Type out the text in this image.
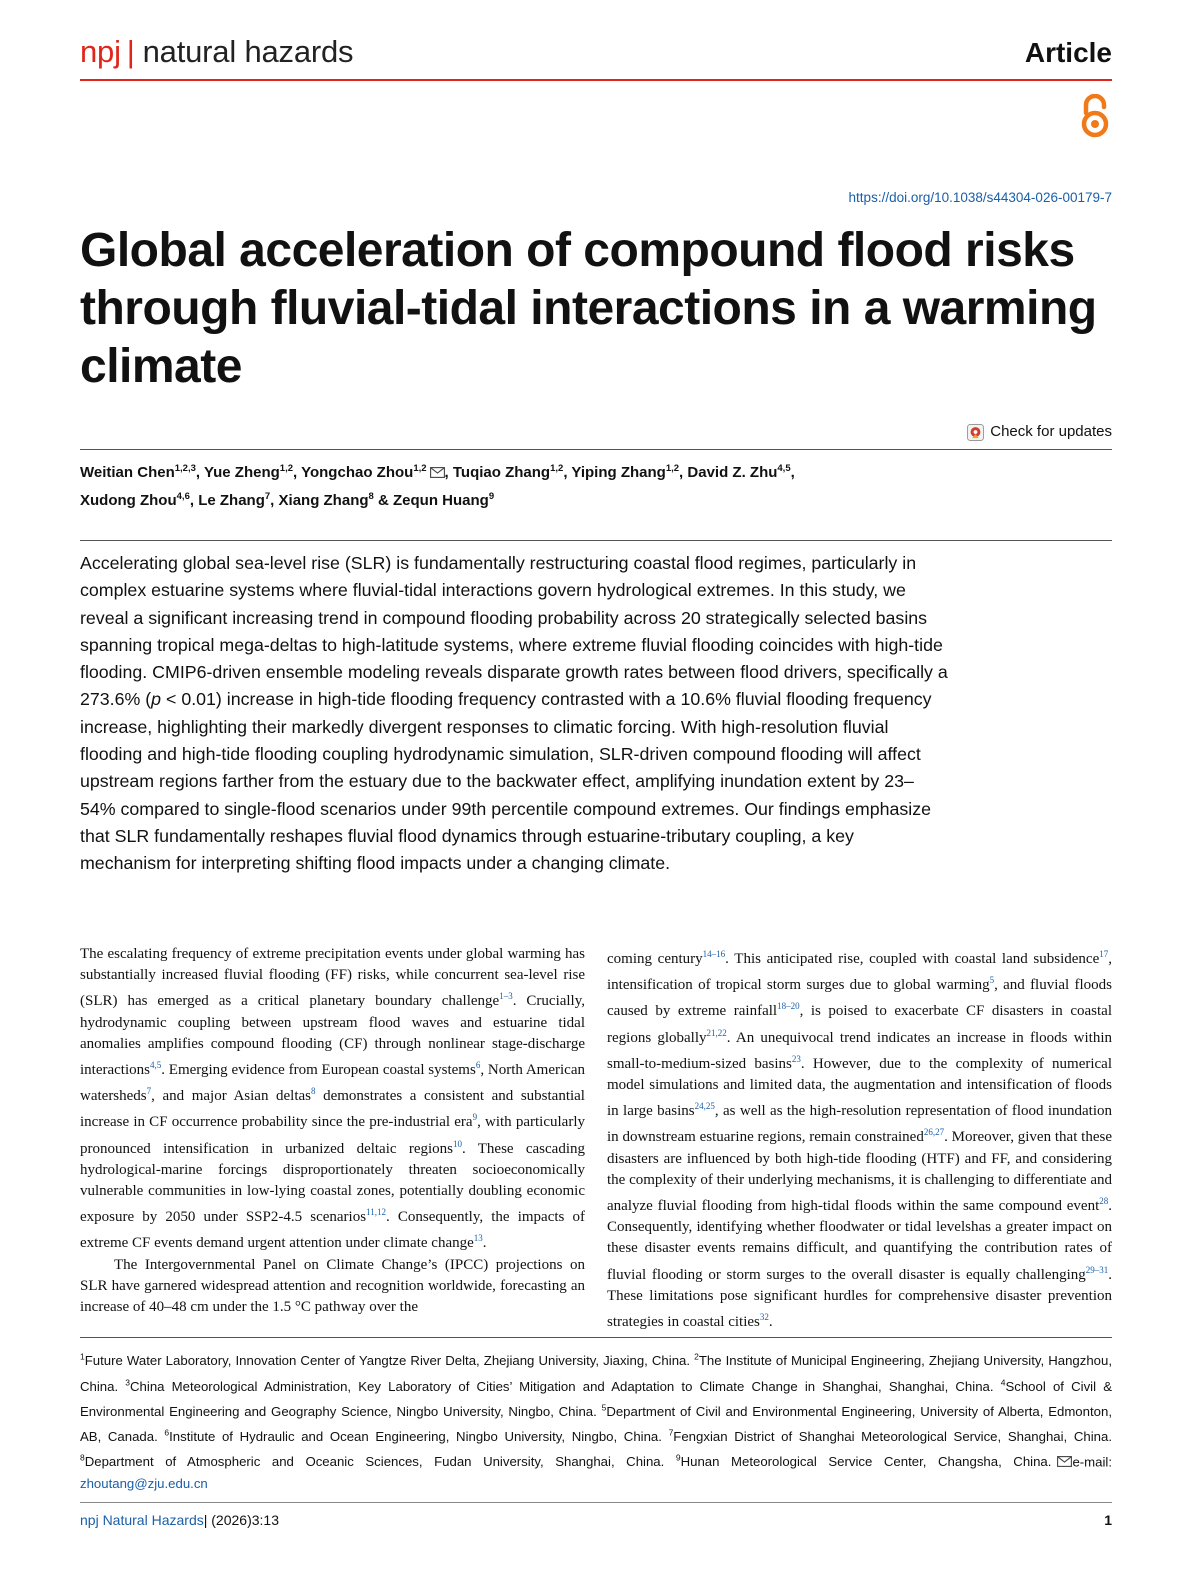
npj | natural hazards	Article
https://doi.org/10.1038/s44304-026-00179-7
Global acceleration of compound flood risks through fluvial-tidal interactions in a warming climate
Check for updates
Weitian Chen$^{1,2,3}$, Yue Zheng$^{1,2}$, Yongchao Zhou$^{1,2}$ , Tuqiao Zhang$^{1,2}$, Yiping Zhang$^{1,2}$, David Z. Zhu$^{4,5}$,
Xudong Zhou$^{4,6}$, Le Zhang$^7$, Xiang Zhang$^8$ & Zequn Huang$^9$

Accelerating global sea-level rise (SLR) is fundamentally restructuring coastal flood regimes, particularly in complex estuarine systems where fluvial-tidal interactions govern hydrological extremes. In this study, we reveal a significant increasing trend in compound flooding probability across 20 strategically selected basins spanning tropical mega-deltas to high-latitude systems, where extreme fluvial flooding coincides with high-tide flooding. CMIP6-driven ensemble modeling reveals disparate growth rates between flood drivers, specifically a 273.6% (p < 0.01) increase in high-tide flooding frequency contrasted with a 10.6% fluvial flooding frequency increase, highlighting their markedly divergent responses to climatic forcing. With high-resolution fluvial flooding and high-tide flooding coupling hydrodynamic simulation, SLR-driven compound flooding will affect upstream regions farther from the estuary due to the backwater effect, amplifying inundation extent by 23–54% compared to single-flood scenarios under 99th percentile compound extremes. Our findings emphasize that SLR fundamentally reshapes fluvial flood dynamics through estuarine-tributary coupling, a key mechanism for interpreting shifting flood impacts under a changing climate.

The escalating frequency of extreme precipitation events under global warming has substantially increased fluvial flooding (FF) risks, while concurrent sea-level rise (SLR) has emerged as a critical planetary boundary challenge$^{1-3}$. Crucially, hydrodynamic coupling between upstream flood waves and estuarine tidal anomalies amplifies compound flooding (CF) through nonlinear stage-discharge interactions$^{4,5}$. Emerging evidence from European coastal systems$^6$, North American watersheds$^7$, and major Asian deltas$^8$ demonstrates a consistent and substantial increase in CF occurrence probability since the pre-industrial era$^9$, with particularly pronounced intensification in urbanized deltaic regions$^{10}$. These cascading hydrological-marine forcings disproportionately threaten socioeconomically vulnerable communities in low-lying coastal zones, potentially doubling economic exposure by 2050 under SSP2-4.5 scenarios$^{11,12}$. Consequently, the impacts of extreme CF events demand urgent attention under climate change$^{13}$.

The Intergovernmental Panel on Climate Change’s (IPCC) projections on SLR have garnered widespread attention and recognition worldwide, forecasting an increase of 40–48 cm under the 1.5 °C pathway over the

coming century$^{14-16}$. This anticipated rise, coupled with coastal land subsidence$^{17}$, intensification of tropical storm surges due to global warming$^5$, and fluvial floods caused by extreme rainfall$^{18-20}$, is poised to exacerbate CF disasters in coastal regions globally$^{21,22}$. An unequivocal trend indicates an increase in floods within small-to-medium-sized basins$^{23}$. However, due to the complexity of numerical model simulations and limited data, the augmentation and intensification of floods in large basins$^{24,25}$, as well as the high-resolution representation of flood inundation in downstream estuarine regions, remain constrained$^{26,27}$. Moreover, given that these disasters are influenced by both high-tide flooding (HTF) and FF, and considering the complexity of their underlying mechanisms, it is challenging to differentiate and analyze fluvial flooding from high-tidal floods within the same compound event$^{28}$. Consequently, identifying whether floodwater or tidal levelshas a greater impact on these disaster events remains difficult, and quantifying the contribution rates of fluvial flooding or storm surges to the overall disaster is equally challenging$^{29-31}$. These limitations pose significant hurdles for comprehensive disaster prevention strategies in coastal cities$^{32}$.

$^1$Future Water Laboratory, Innovation Center of Yangtze River Delta, Zhejiang University, Jiaxing, China. $^2$The Institute of Municipal Engineering, Zhejiang University, Hangzhou, China. $^3$China Meteorological Administration, Key Laboratory of Cities’ Mitigation and Adaptation to Climate Change in Shanghai, Shanghai, China. $^4$School of Civil & Environmental Engineering and Geography Science, Ningbo University, Ningbo, China. $^5$Department of Civil and Environmental Engineering, University of Alberta, Edmonton, AB, Canada. $^6$Institute of Hydraulic and Ocean Engineering, Ningbo University, Ningbo, China. $^7$Fengxian District of Shanghai Meteorological Service, Shanghai, China. $^8$Department of Atmospheric and Oceanic Sciences, Fudan University, Shanghai, China. $^9$Hunan Meteorological Service Center, Changsha, China. e-mail: zhoutang@zju.edu.cn

npj Natural Hazards| (2026)3:13	1
